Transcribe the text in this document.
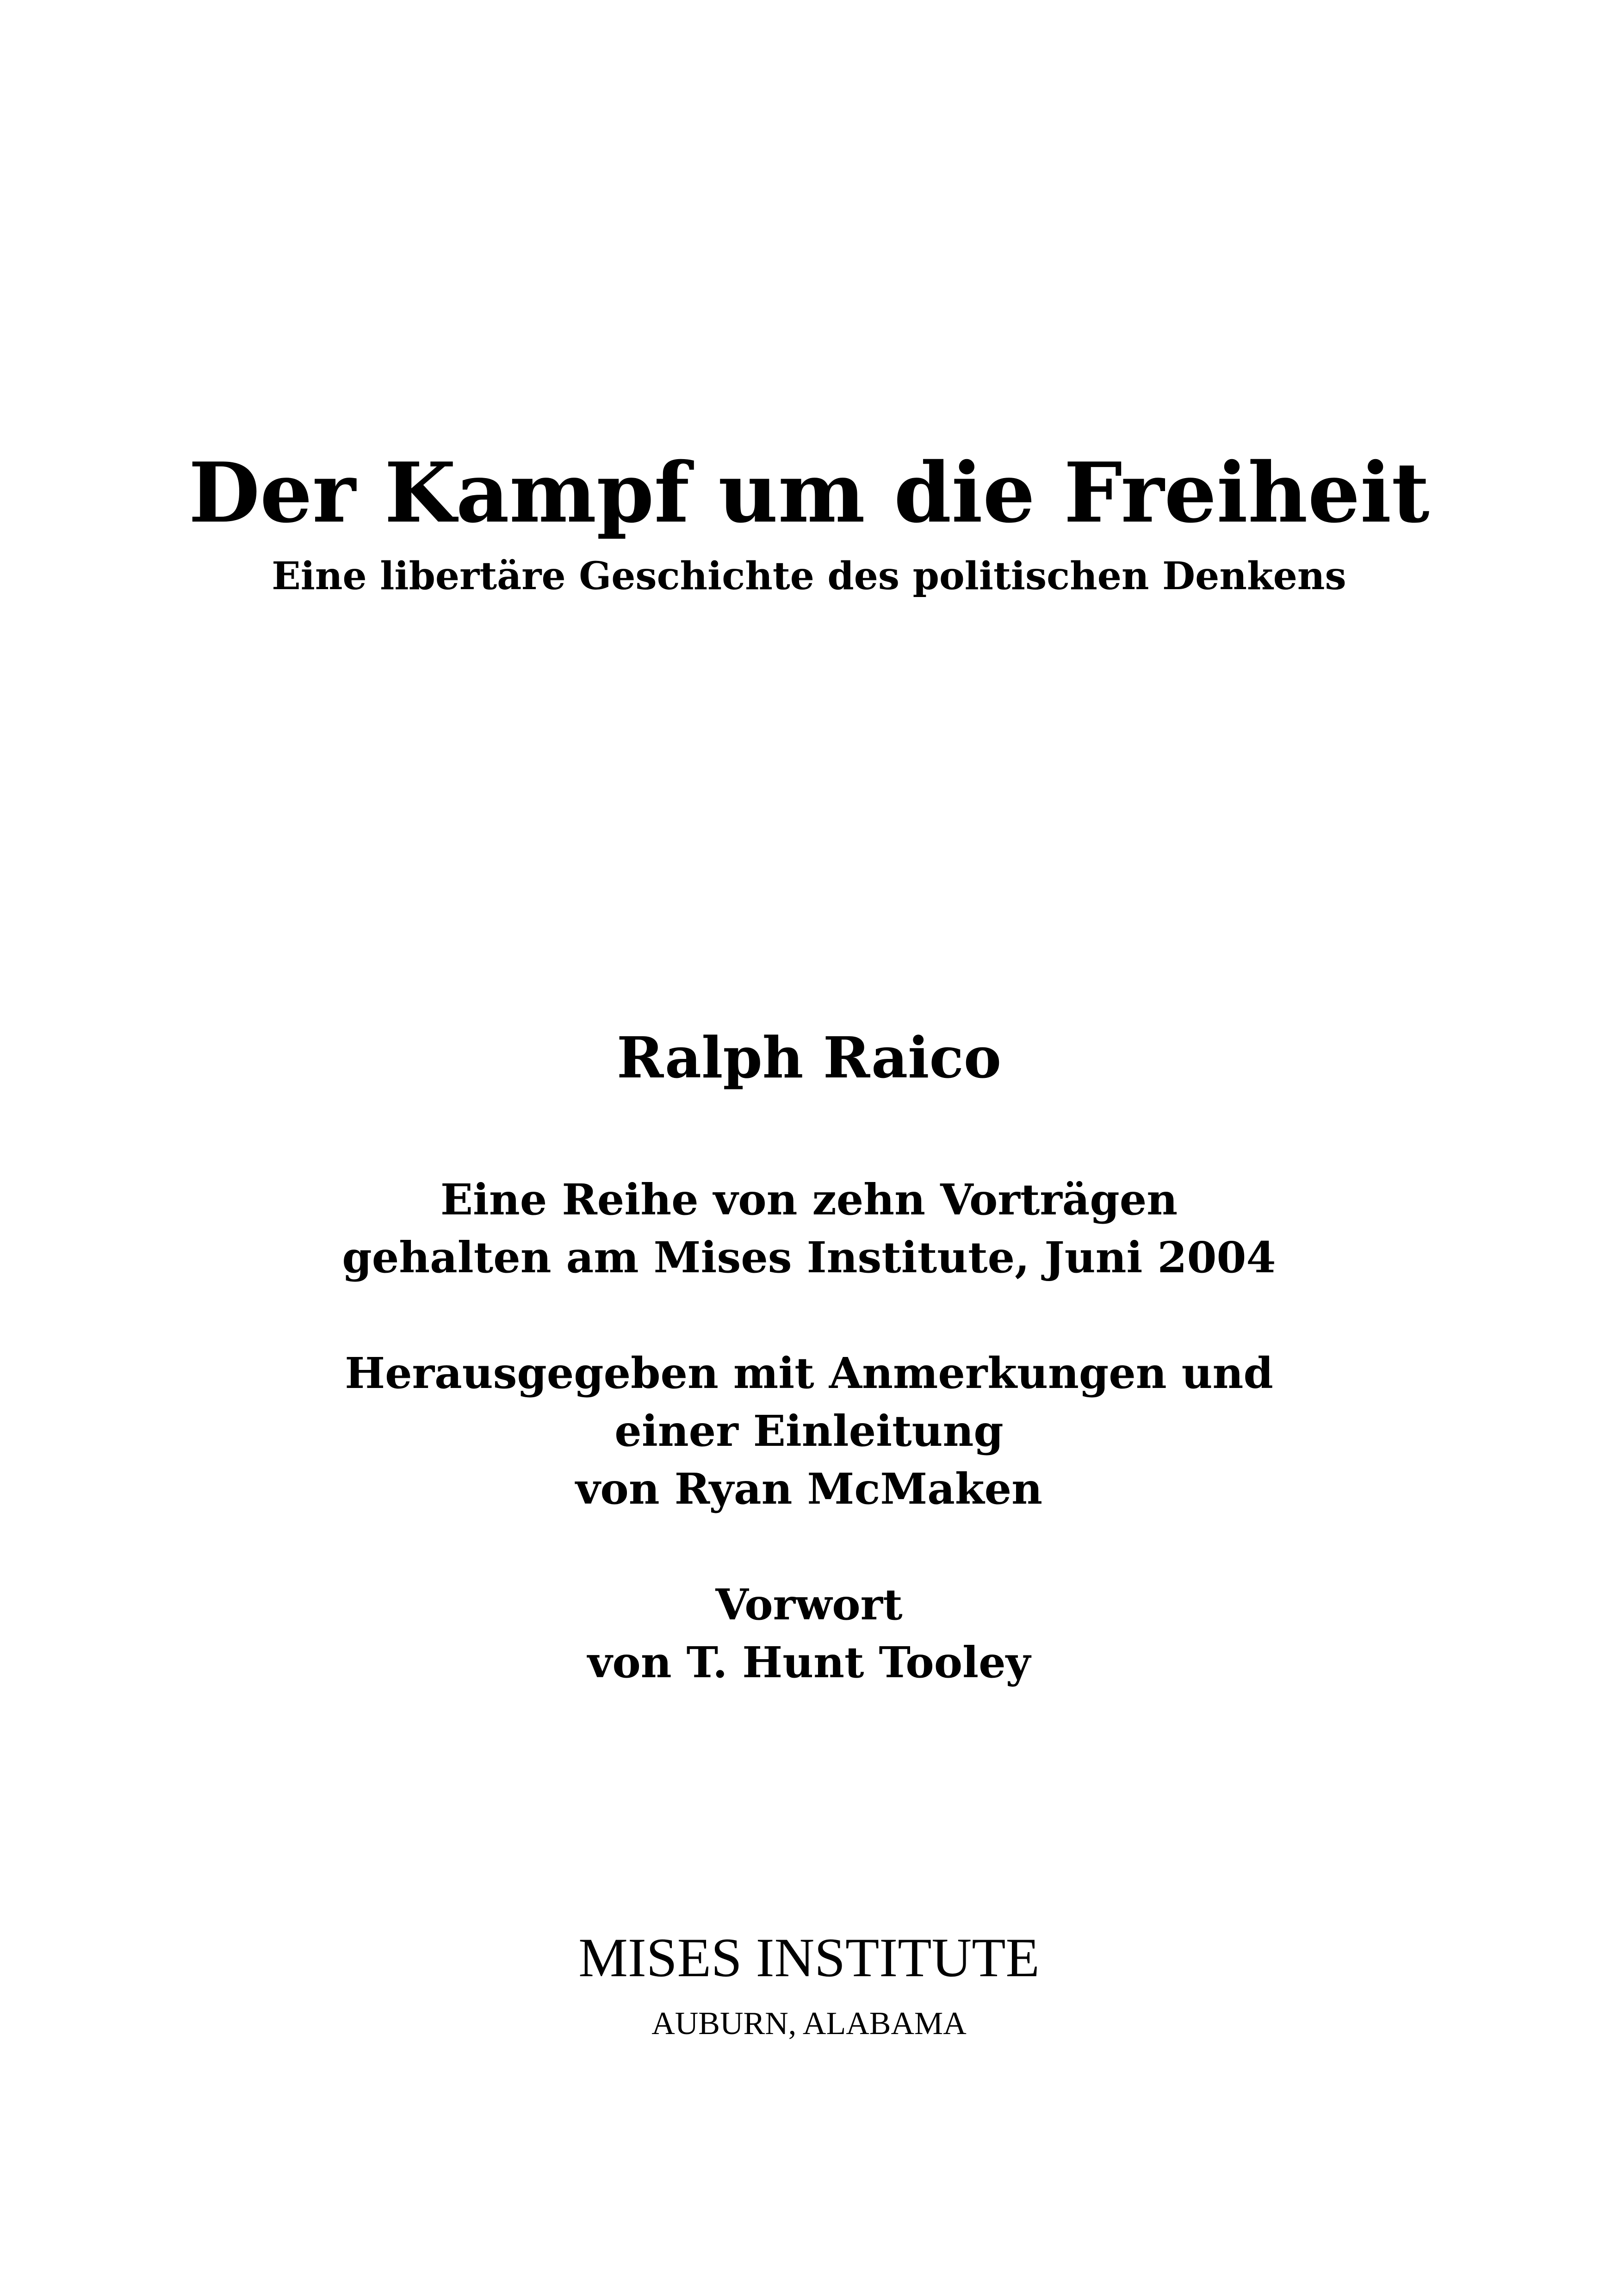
Der Kampf um die Freiheit
Eine libertäre Geschichte des politischen Denkens
Ralph Raico
Eine Reihe von zehn Vorträgen
gehalten am Mises Institute, Juni 2004
Herausgegeben mit Anmerkungen und
einer Einleitung
von Ryan McMaken
Vorwort
von T. Hunt Tooley
MISES INSTITUTE
AUBURN, ALABAMA
